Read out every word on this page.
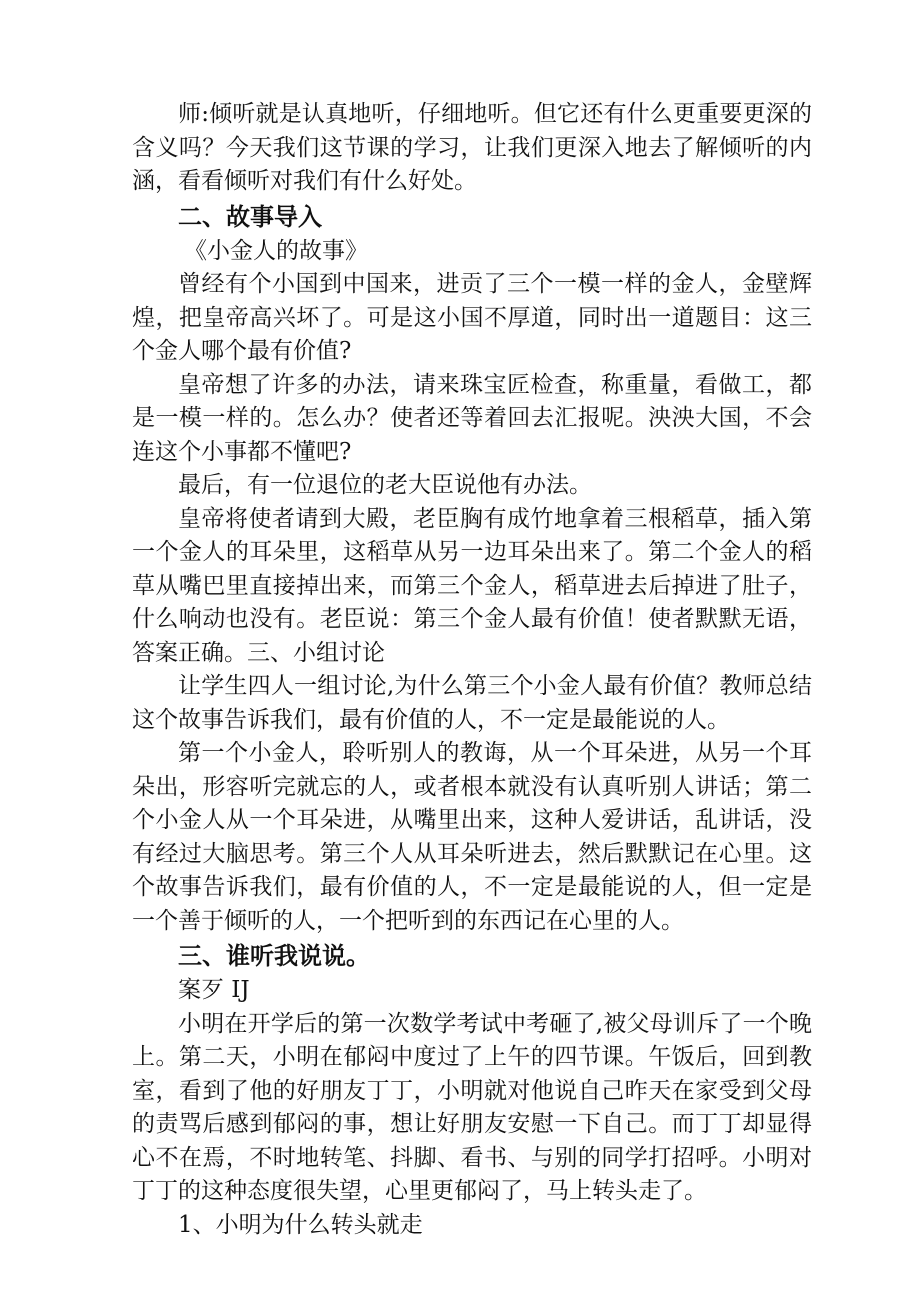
师:倾听就是认真地听，仔细地听。但它还有什么更重要更深的含义吗？今天我们这节课的学习，让我们更深入地去了解倾听的内涵，看看倾听对我们有什么好处。

二、故事导入

《小金人的故事》

曾经有个小国到中国来，进贡了三个一模一样的金人，金壁辉煌，把皇帝高兴坏了。可是这小国不厚道，同时出一道题目：这三个金人哪个最有价值?

皇帝想了许多的办法，请来珠宝匠检查，称重量，看做工，都是一模一样的。怎么办？使者还等着回去汇报呢。泱泱大国，不会连这个小事都不懂吧?

最后，有一位退位的老大臣说他有办法。

皇帝将使者请到大殿，老臣胸有成竹地拿着三根稻草，插入第一个金人的耳朵里，这稻草从另一边耳朵出来了。第二个金人的稻草从嘴巴里直接掉出来，而第三个金人，稻草进去后掉进了肚子，什么响动也没有。老臣说：第三个金人最有价值！使者默默无语，答案正确。三、小组讨论

让学生四人一组讨论,为什么第三个小金人最有价值？教师总结这个故事告诉我们，最有价值的人，不一定是最能说的人。

第一个小金人，聆听别人的教诲，从一个耳朵进，从另一个耳朵出，形容听完就忘的人，或者根本就没有认真听别人讲话；第二个小金人从一个耳朵进，从嘴里出来，这种人爱讲话，乱讲话，没有经过大脑思考。第三个人从耳朵听进去，然后默默记在心里。这个故事告诉我们，最有价值的人，不一定是最能说的人，但一定是一个善于倾听的人，一个把听到的东西记在心里的人。

三、谁听我说说。

案歹 IJ

小明在开学后的第一次数学考试中考砸了,被父母训斥了一个晚上。第二天，小明在郁闷中度过了上午的四节课。午饭后，回到教室，看到了他的好朋友丁丁，小明就对他说自己昨天在家受到父母的责骂后感到郁闷的事，想让好朋友安慰一下自己。而丁丁却显得心不在焉，不时地转笔、抖脚、看书、与别的同学打招呼。小明对丁丁的这种态度很失望，心里更郁闷了，马上转头走了。

1、小明为什么转头就走
